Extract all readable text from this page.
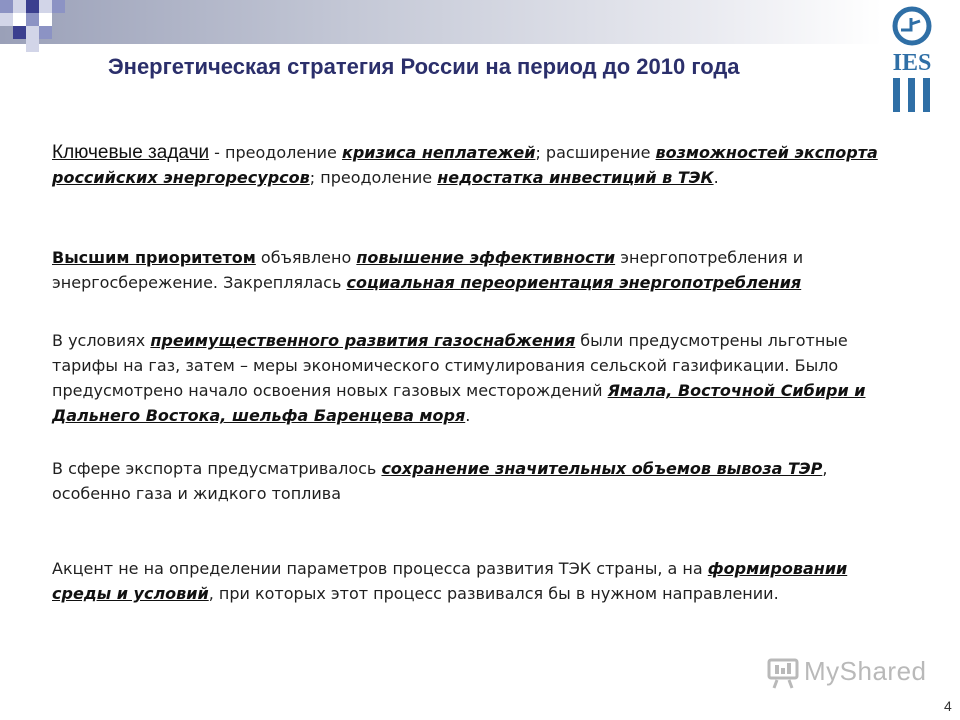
Энергетическая стратегия России на период до 2010 года	IES

Ключевые задачи - преодоление кризиса неплатежей; расширение возможностей экспорта российских энергоресурсов; преодоление недостатка инвестиций в ТЭК.

Высшим приоритетом объявлено повышение эффективности энергопотребления и энергосбережение. Закреплялась социальная переориентация энергопотребления

В условиях преимущественного развития газоснабжения были предусмотрены льготные тарифы на газ, затем – меры экономического стимулирования сельской газификации. Было предусмотрено начало освоения новых газовых месторождений Ямала, Восточной Сибири и Дальнего Востока, шельфа Баренцева моря.

В сфере экспорта предусматривалось сохранение значительных объемов вывоза ТЭР, особенно газа и жидкого топлива

Акцент не на определении параметров процесса развития ТЭК страны, а на формировании среды и условий, при которых этот процесс развивался бы в нужном направлении.

MyShared
4
